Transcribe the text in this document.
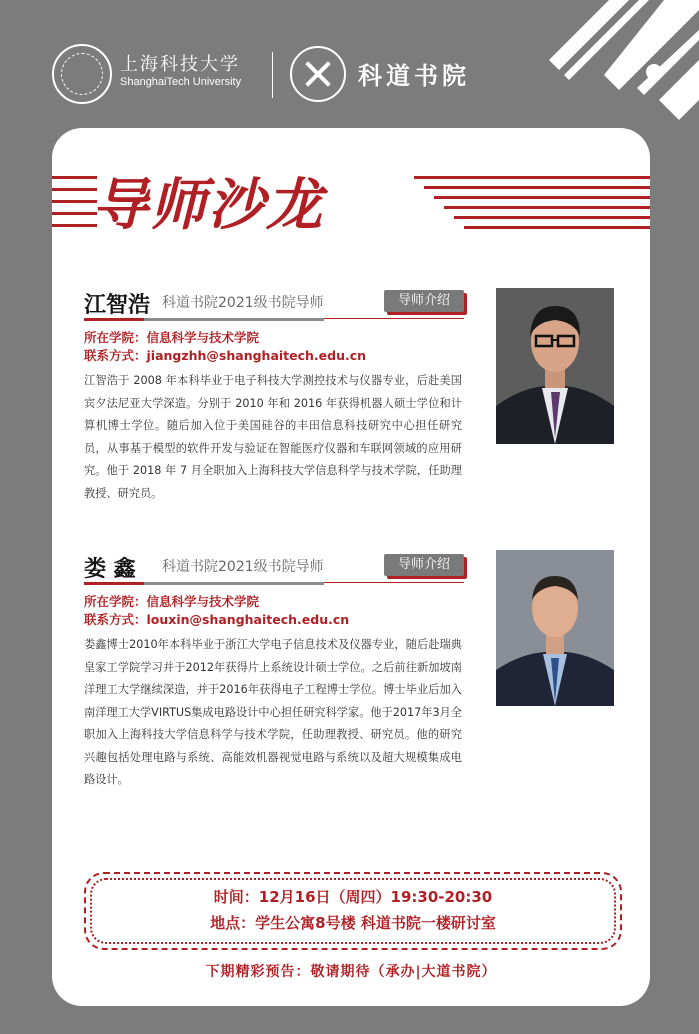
上海科技大学
ShanghaiTech University	科道书院
导师沙龙
江智浩 科道书院2021级书院导师	导师介绍
所在学院：信息科学与技术学院
联系方式：jiangzhh@shanghaitech.edu.cn
江智浩于 2008 年本科毕业于电子科技大学测控技术与仪器专业，后赴美国宾夕法尼亚大学深造。分别于 2010 年和 2016 年获得机器人硕士学位和计算机博士学位。随后加入位于美国硅谷的丰田信息科技研究中心担任研究员，从事基于模型的软件开发与验证在智能医疗仪器和车联网领域的应用研究。他于 2018 年 7 月全职加入上海科技大学信息科学与技术学院，任助理教授、研究员。
娄 鑫 科道书院2021级书院导师	导师介绍
所在学院：信息科学与技术学院
联系方式：louxin@shanghaitech.edu.cn
娄鑫博士2010年本科毕业于浙江大学电子信息技术及仪器专业，随后赴瑞典皇家工学院学习并于2012年获得片上系统设计硕士学位。之后前往新加坡南洋理工大学继续深造，并于2016年获得电子工程博士学位。博士毕业后加入南洋理工大学VIRTUS集成电路设计中心担任研究科学家。他于2017年3月全职加入上海科技大学信息科学与技术学院，任助理教授、研究员。他的研究兴趣包括处理电路与系统、高能效机器视觉电路与系统以及超大规模集成电路设计。
时间：12月16日（周四）19:30-20:30
地点：学生公寓8号楼 科道书院一楼研讨室
下期精彩预告：敬请期待（承办|大道书院）
